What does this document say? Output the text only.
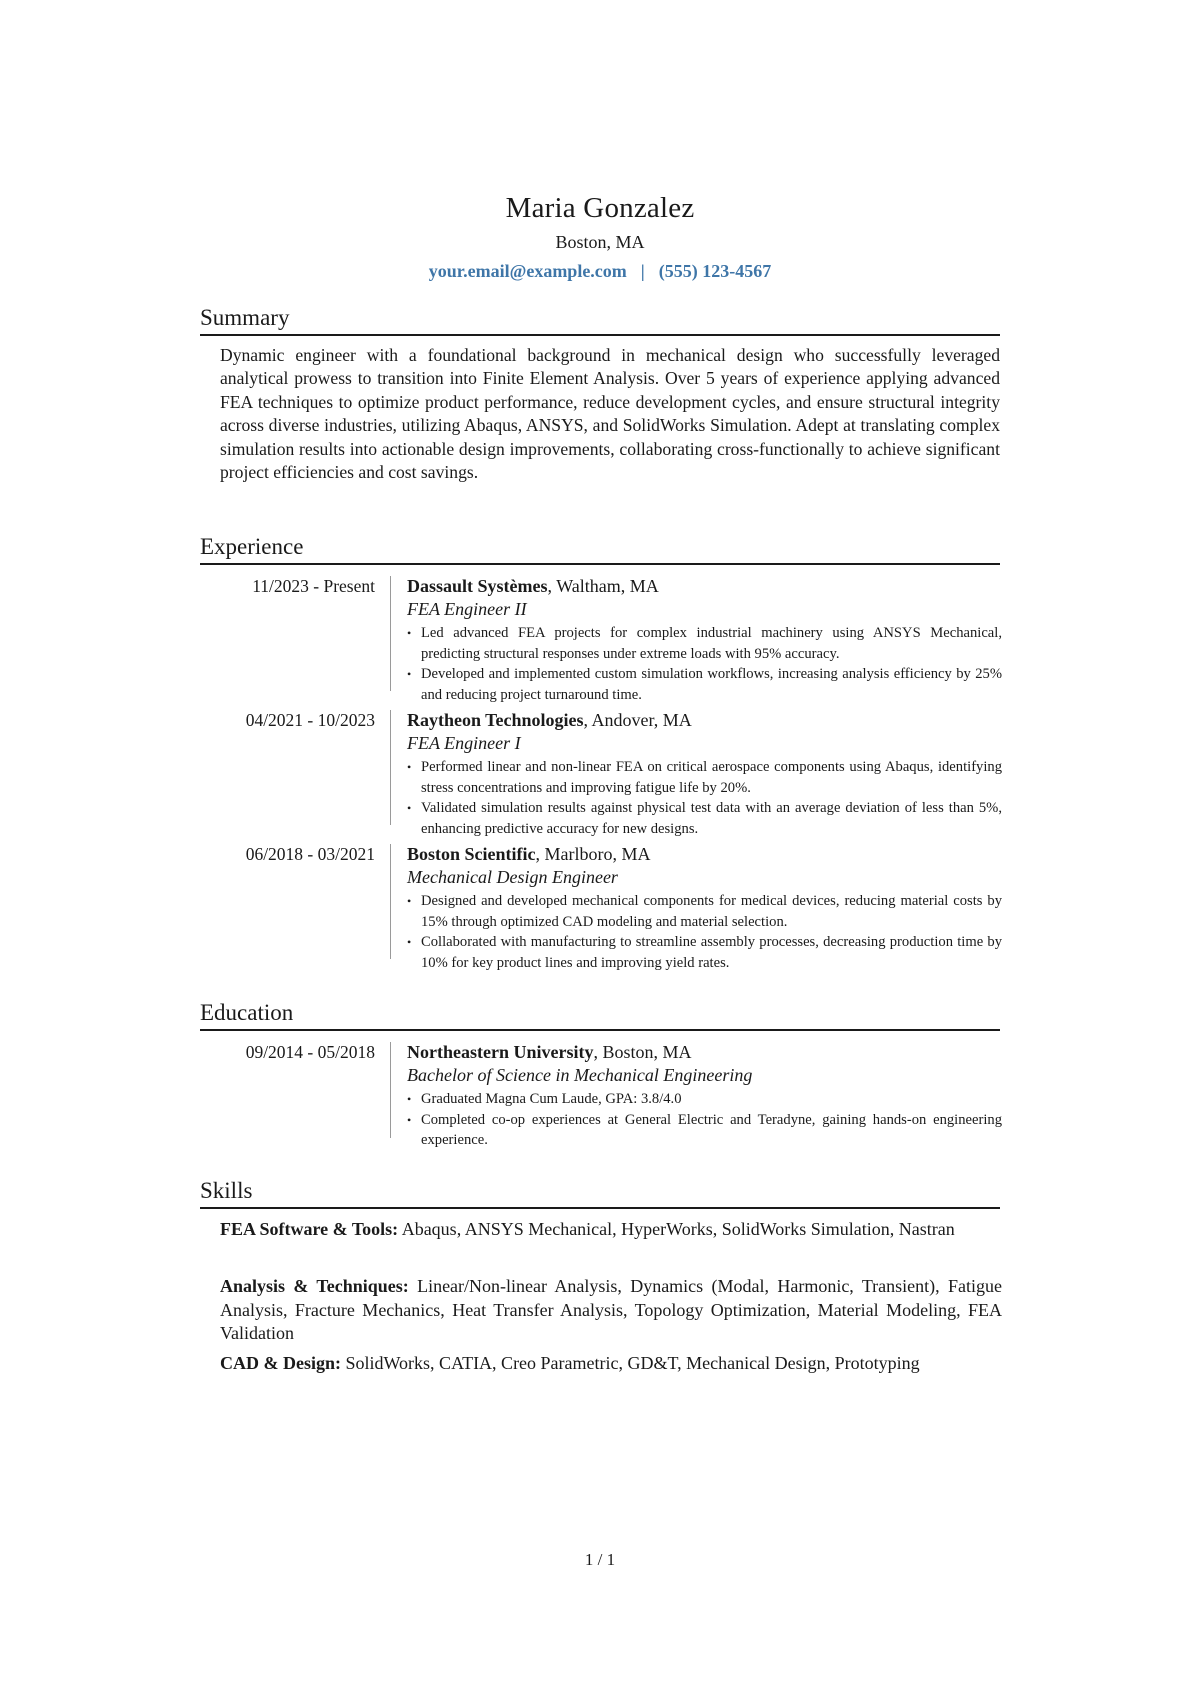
Maria Gonzalez
Boston, MA
your.email@example.com | (555) 123-4567
Summary
Dynamic engineer with a foundational background in mechanical design who successfully leveraged analytical prowess to transition into Finite Element Analysis. Over 5 years of experience applying advanced FEA techniques to optimize product performance, reduce development cycles, and ensure structural integrity across diverse industries, utilizing Abaqus, ANSYS, and SolidWorks Simulation. Adept at translating complex simulation results into actionable design improvements, collaborating cross-functionally to achieve significant project efficiencies and cost savings.
Experience
11/2023 - Present Dassault Systèmes, Waltham, MA
FEA Engineer II
• Led advanced FEA projects for complex industrial machinery using ANSYS Mechanical, predicting structural responses under extreme loads with 95% accuracy.
• Developed and implemented custom simulation workflows, increasing analysis efficiency by 25% and reducing project turnaround time.
04/2021 - 10/2023 Raytheon Technologies, Andover, MA
FEA Engineer I
• Performed linear and non-linear FEA on critical aerospace components using Abaqus, identifying stress concentrations and improving fatigue life by 20%.
• Validated simulation results against physical test data with an average deviation of less than 5%, enhancing predictive accuracy for new designs.
06/2018 - 03/2021 Boston Scientific, Marlboro, MA
Mechanical Design Engineer
• Designed and developed mechanical components for medical devices, reducing material costs by 15% through optimized CAD modeling and material selection.
• Collaborated with manufacturing to streamline assembly processes, decreasing production time by 10% for key product lines and improving yield rates.
Education
09/2014 - 05/2018 Northeastern University, Boston, MA
Bachelor of Science in Mechanical Engineering
• Graduated Magna Cum Laude, GPA: 3.8/4.0
• Completed co-op experiences at General Electric and Teradyne, gaining hands-on engineering experience.
Skills
FEA Software & Tools: Abaqus, ANSYS Mechanical, HyperWorks, SolidWorks Simulation, Nastran
Analysis & Techniques: Linear/Non-linear Analysis, Dynamics (Modal, Harmonic, Transient), Fatigue Analysis, Fracture Mechanics, Heat Transfer Analysis, Topology Optimization, Material Modeling, FEA Validation
CAD & Design: SolidWorks, CATIA, Creo Parametric, GD&T, Mechanical Design, Prototyping
1 / 1
